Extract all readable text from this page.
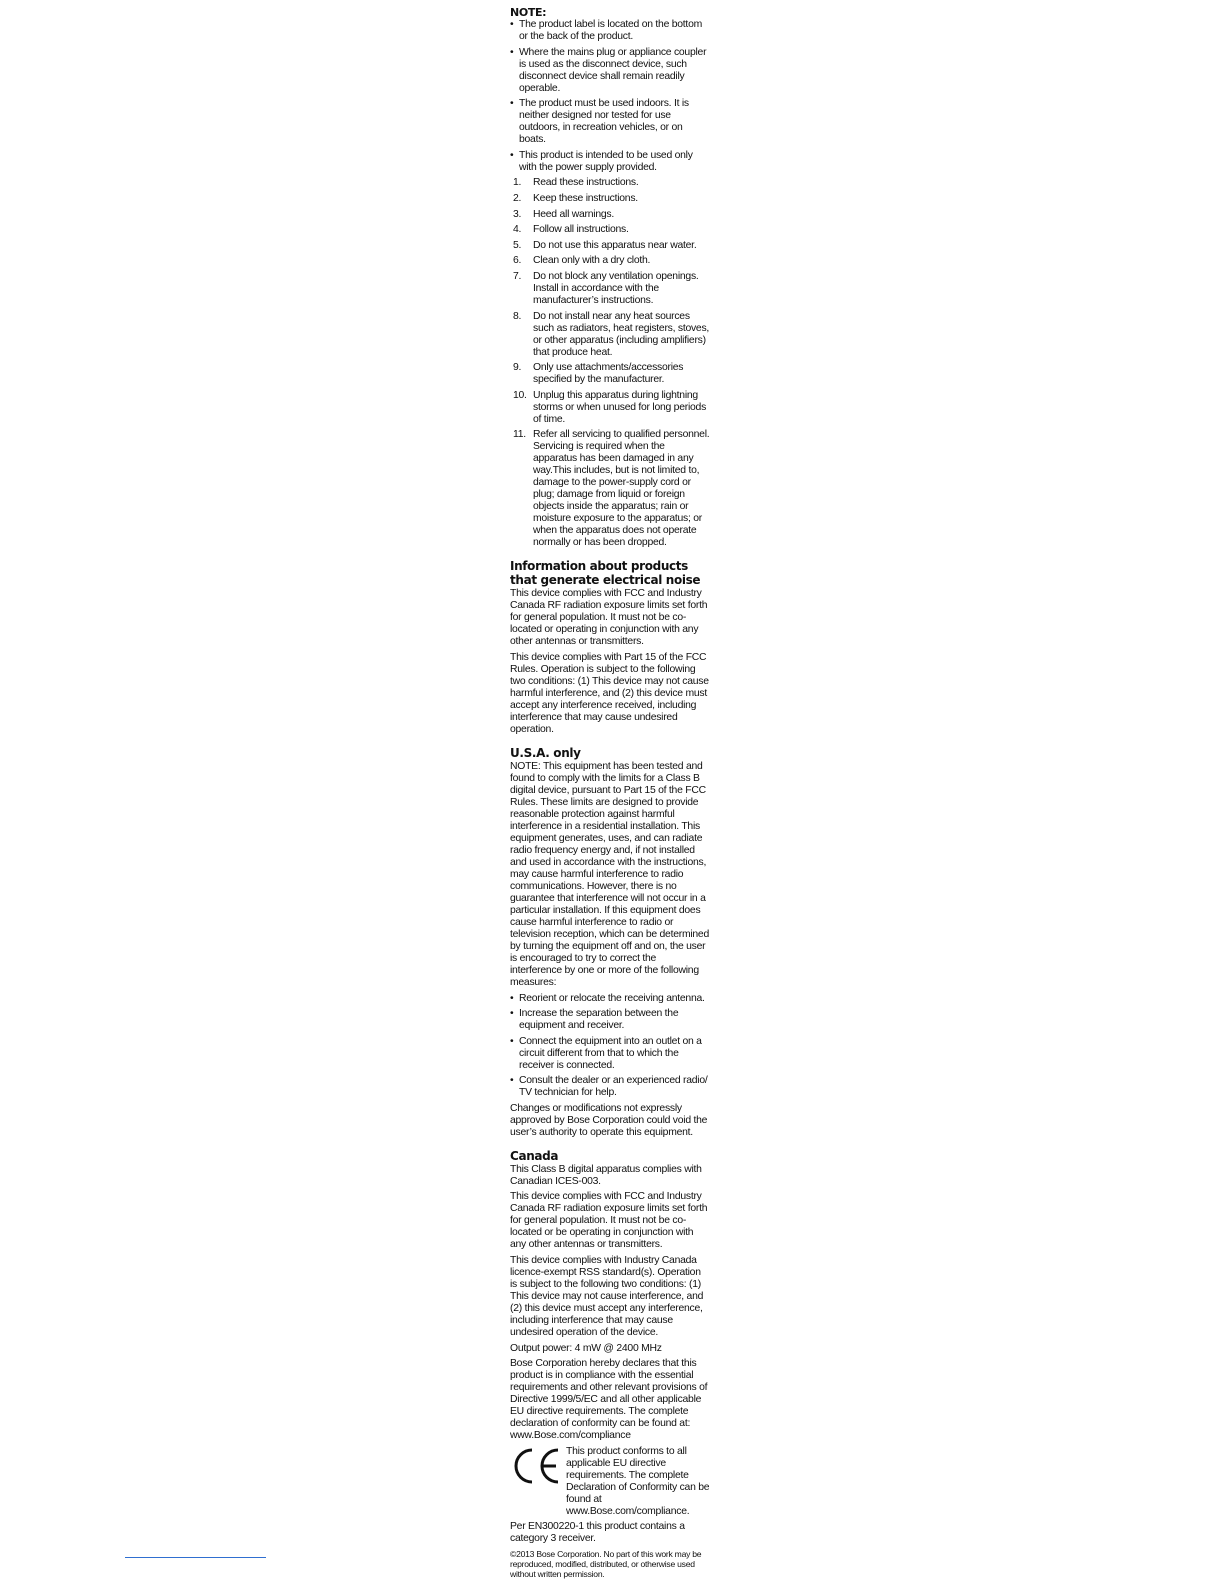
NOTE:
• The product label is located on the bottom or the back of the product.
• Where the mains plug or appliance coupler is used as the disconnect device, such disconnect device shall remain readily operable.
• The product must be used indoors. It is neither designed nor tested for use outdoors, in recreation vehicles, or on boats.
• This product is intended to be used only with the power supply provided.
1.	Read these instructions.
2.	Keep these instructions.
3.	Heed all warnings.
4.	Follow all instructions.
5.	Do not use this apparatus near water.
6.	Clean only with a dry cloth.
7.	Do not block any ventilation openings. Install in accordance with the manufacturer’s instructions.
8.	Do not install near any heat sources such as radiators, heat registers, stoves, or other apparatus (including amplifiers) that produce heat.
9.	Only use attachments/accessories specified by the manufacturer.
10. Unplug this apparatus during lightning storms or when unused for long periods of time.
11. Refer all servicing to qualified personnel. Servicing is required when the apparatus has been damaged in any way.This includes, but is not limited to, damage to the power-supply cord or plug; damage from liquid or foreign objects inside the apparatus; rain or moisture exposure to the apparatus; or when the apparatus does not operate normally or has been dropped.
Information about products that generate electrical noise

This device complies with FCC and Industry Canada RF radiation exposure limits set forth for general population. It must not be co-located or operating in conjunction with any other antennas or transmitters.

This device complies with Part 15 of the FCC Rules. Operation is subject to the following two conditions: (1) This device may not cause harmful interference, and (2) this device must accept any interference received, including interference that may cause undesired operation.

U.S.A. only

NOTE: This equipment has been tested and found to comply with the limits for a Class B digital device, pursuant to Part 15 of the FCC Rules. These limits are designed to provide reasonable protection against harmful interference in a residential installation. This equipment generates, uses, and can radiate radio frequency energy and, if not installed and used in accordance with the instructions, may cause harmful interference to radio communications. However, there is no guarantee that interference will not occur in a particular installation. If this equipment does cause harmful interference to radio or television reception, which can be determined by turning the equipment off and on, the user is encouraged to try to correct the interference by one or more of the following measures:

• Reorient or relocate the receiving antenna.
• Increase the separation between the equipment and receiver.
• Connect the equipment into an outlet on a circuit different from that to which the receiver is connected.
• Consult the dealer or an experienced radio/ TV technician for help.

Changes or modifications not expressly approved by Bose Corporation could void the user’s authority to operate this equipment.

Canada

This Class B digital apparatus complies with Canadian ICES-003.

This device complies with FCC and Industry Canada RF radiation exposure limits set forth for general population. It must not be co-located or be operating in conjunction with any other antennas or transmitters.

This device complies with Industry Canada licence-exempt RSS standard(s). Operation is subject to the following two conditions: (1) This device may not cause interference, and (2) this device must accept any interference, including interference that may cause undesired operation of the device.

Output power: 4 mW @ 2400 MHz

Bose Corporation hereby declares that this product is in compliance with the essential requirements and other relevant provisions of Directive 1999/5/EC and all other applicable EU directive requirements. The complete declaration of conformity can be found at: www.Bose.com/compliance

This product conforms to all applicable EU directive requirements. The complete Declaration of Conformity can be found at www.Bose.com/compliance.

Per EN300220-1 this product contains a category 3 receiver.

©2013 Bose Corporation. No part of this work may be reproduced, modified, distributed, or otherwise used without written permission.
